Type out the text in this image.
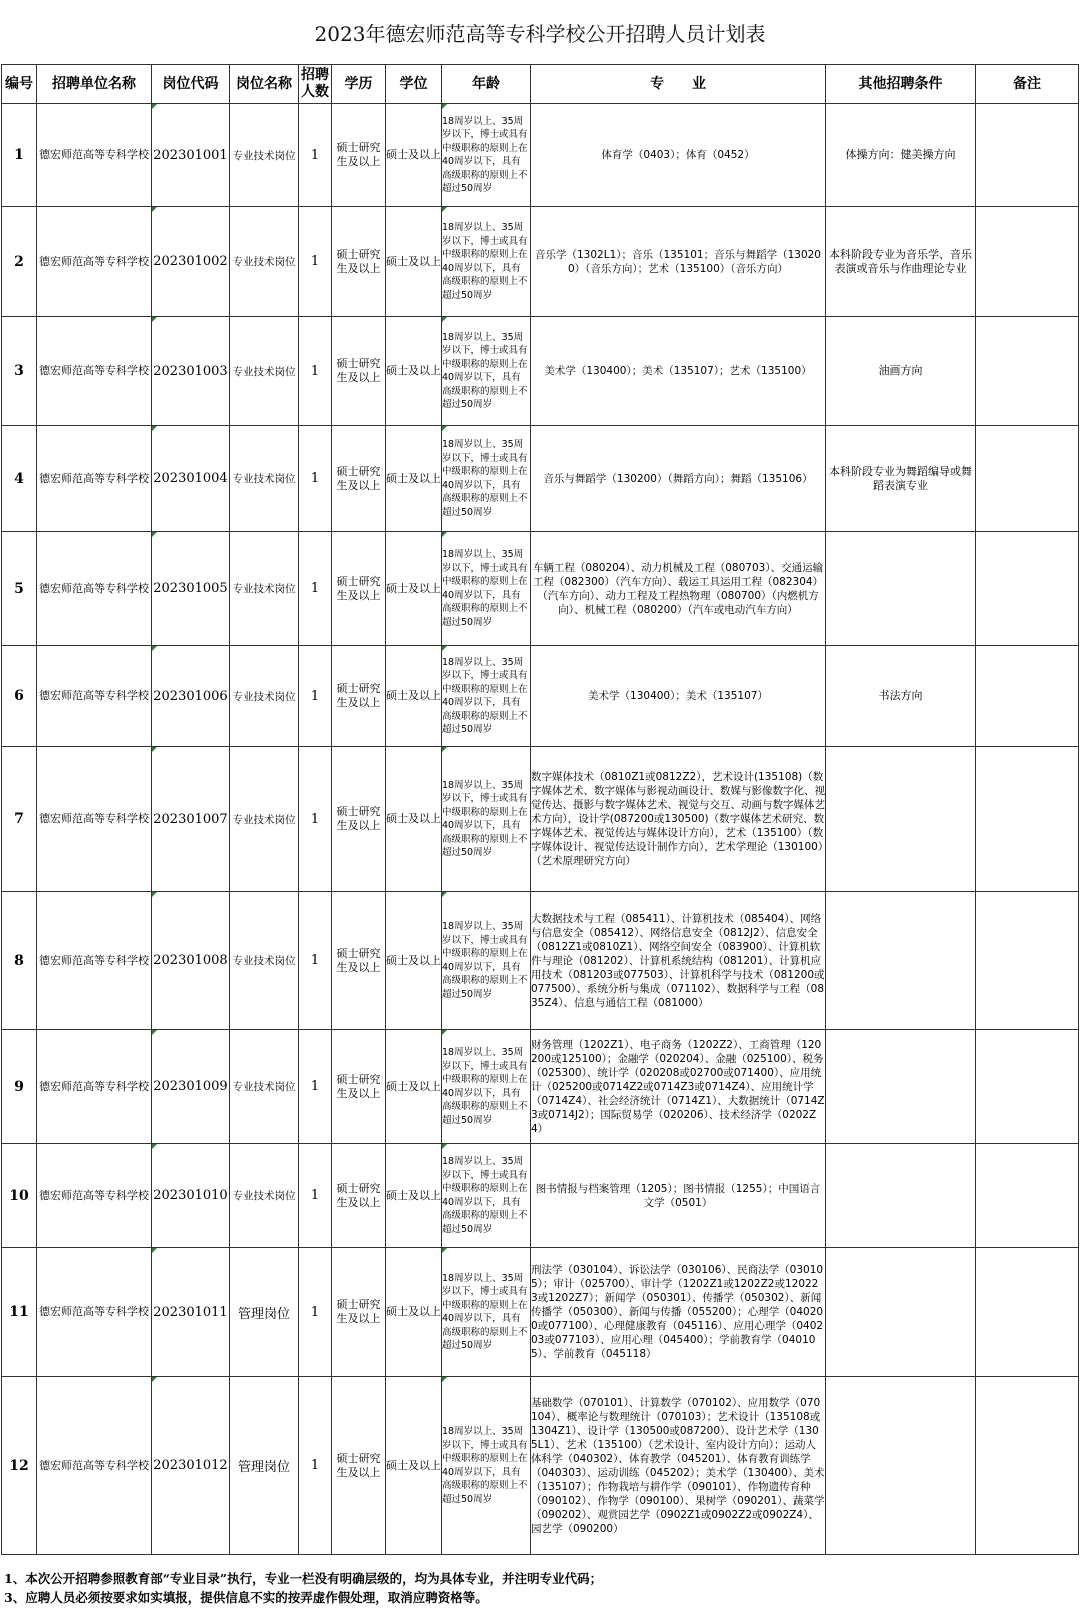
2023年德宏师范高等专科学校公开招聘人员计划表
编号	招聘单位名称	岗位代码	岗位名称	招聘人数	学历	学位	年龄	专　　业	其他招聘条件	备注
1	德宏师范高等专科学校	202301001	专业技术岗位	1	硕士研究生及以上	硕士及以上	18周岁以上、35周岁以下，博士或具有中级职称的原则上在40周岁以下，具有高级职称的原则上不超过50周岁	体育学（0403）；体育（0452）	体操方向：健美操方向	
2	德宏师范高等专科学校	202301002	专业技术岗位	1	硕士研究生及以上	硕士及以上	18周岁以上、35周岁以下，博士或具有中级职称的原则上在40周岁以下，具有高级职称的原则上不超过50周岁	音乐学（1302L1）；音乐（135101；音乐与舞蹈学（130200）（音乐方向）；艺术（135100）（音乐方向）	本科阶段专业为音乐学、音乐表演或音乐与作曲理论专业	
3	德宏师范高等专科学校	202301003	专业技术岗位	1	硕士研究生及以上	硕士及以上	18周岁以上、35周岁以下，博士或具有中级职称的原则上在40周岁以下，具有高级职称的原则上不超过50周岁	美术学（130400）；美术（135107）；艺术（135100）	油画方向	
4	德宏师范高等专科学校	202301004	专业技术岗位	1	硕士研究生及以上	硕士及以上	18周岁以上、35周岁以下，博士或具有中级职称的原则上在40周岁以下，具有高级职称的原则上不超过50周岁	音乐与舞蹈学（130200）（舞蹈方向）；舞蹈（135106）	本科阶段专业为舞蹈编导或舞蹈表演专业	
5	德宏师范高等专科学校	202301005	专业技术岗位	1	硕士研究生及以上	硕士及以上	18周岁以上、35周岁以下，博士或具有中级职称的原则上在40周岁以下，具有高级职称的原则上不超过50周岁	车辆工程（080204）、动力机械及工程（080703）、交通运输工程（082300）（汽车方向）、载运工具运用工程（082304）（汽车方向）、动力工程及工程热物理（080700）（内燃机方向）、机械工程（080200）（汽车或电动汽车方向）		
6	德宏师范高等专科学校	202301006	专业技术岗位	1	硕士研究生及以上	硕士及以上	18周岁以上、35周岁以下，博士或具有中级职称的原则上在40周岁以下，具有高级职称的原则上不超过50周岁	美术学（130400）；美术（135107）	书法方向	
7	德宏师范高等专科学校	202301007	专业技术岗位	1	硕士研究生及以上	硕士及以上	18周岁以上、35周岁以下，博士或具有中级职称的原则上在40周岁以下，具有高级职称的原则上不超过50周岁	数字媒体技术（0810Z1或0812Z2），艺术设计(135108)（数字媒体艺术、数字媒体与影视动画设计、数媒与影像数字化、视觉传达、摄影与数字媒体艺术、视觉与交互、动画与数字媒体艺术方向），设计学(087200或130500)（数字媒体艺术研究、数字媒体艺术、视觉传达与媒体设计方向），艺术（135100）（数字媒体设计、视觉传达设计制作方向），艺术学理论（130100）（艺术原理研究方向）		
8	德宏师范高等专科学校	202301008	专业技术岗位	1	硕士研究生及以上	硕士及以上	18周岁以上、35周岁以下，博士或具有中级职称的原则上在40周岁以下，具有高级职称的原则上不超过50周岁	大数据技术与工程（085411）、计算机技术（085404）、网络与信息安全（085412）、网络信息安全（0812J2）、信息安全（0812Z1或0810Z1）、网络空间安全（083900）、计算机软件与理论（081202）、计算机系统结构（081201）、计算机应用技术（081203或077503）、计算机科学与技术（081200或077500）、系统分析与集成（071102）、数据科学与工程（0835Z4）、信息与通信工程（081000）		
9	德宏师范高等专科学校	202301009	专业技术岗位	1	硕士研究生及以上	硕士及以上	18周岁以上、35周岁以下，博士或具有中级职称的原则上在40周岁以下，具有高级职称的原则上不超过50周岁	财务管理（1202Z1）、电子商务（1202Z2）、工商管理（120200或125100）；金融学（020204）、金融（025100）、税务（025300）、统计学（020208或02700或071400）、应用统计（025200或0714Z2或0714Z3或0714Z4）、应用统计学（0714Z4）、社会经济统计（0714Z1）、大数据统计（0714Z3或0714J2）；国际贸易学（020206）、技术经济学（0202Z4）		
10	德宏师范高等专科学校	202301010	专业技术岗位	1	硕士研究生及以上	硕士及以上	18周岁以上、35周岁以下，博士或具有中级职称的原则上在40周岁以下，具有高级职称的原则上不超过50周岁	图书情报与档案管理（1205）；图书情报（1255）；中国语言文学（0501）		
11	德宏师范高等专科学校	202301011	管理岗位	1	硕士研究生及以上	硕士及以上	18周岁以上、35周岁以下，博士或具有中级职称的原则上在40周岁以下，具有高级职称的原则上不超过50周岁	刑法学（030104）、诉讼法学（030106）、民商法学（030105）；审计（025700）、审计学（1202Z1或1202Z2或120223或1202Z7）；新闻学（050301）、传播学（050302）、新闻传播学（050300）、新闻与传播（055200）；心理学（040200或077100）、心理健康教育（045116）、应用心理学（040203或077103）、应用心理（045400）；学前教育学（040105）、学前教育（045118）		
12	德宏师范高等专科学校	202301012	管理岗位	1	硕士研究生及以上	硕士及以上	18周岁以上、35周岁以下，博士或具有中级职称的原则上在40周岁以下，具有高级职称的原则上不超过50周岁	基础数学（070101）、计算数学（070102）、应用数学（070104）、概率论与数理统计（070103）；艺术设计（135108或1304Z1）、设计学（130500或087200）、设计艺术学（1305L1）、艺术（135100）（艺术设计、室内设计方向）；运动人体科学（040302）、体育教学（045201）、体育教育训练学（040303）、运动训练（045202）；美术学（130400）、美术（135107）；作物栽培与耕作学（090101）、作物遗传育种（090102）、作物学（090100）、果树学（090201）、蔬菜学（090202）、观赏园艺学（0902Z1或0902Z2或0902Z4）、园艺学（090200）		
1、本次公开招聘参照教育部“专业目录”执行，专业一栏没有明确层级的，均为具体专业，并注明专业代码；
3、应聘人员必须按要求如实填报，提供信息不实的按弄虚作假处理，取消应聘资格等。
